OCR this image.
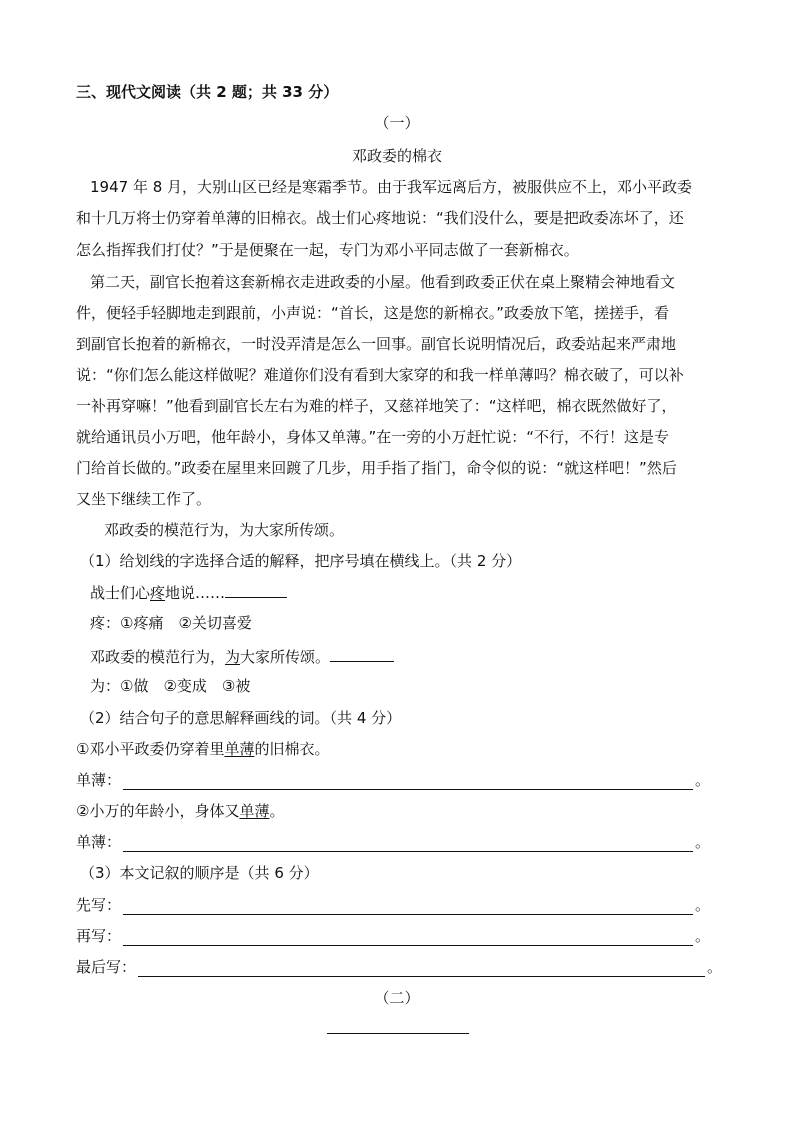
三、现代文阅读（共 2 题；共 33 分）
（一）
邓政委的棉衣
1947 年 8 月，大别山区已经是寒霜季节。由于我军远离后方，被服供应不上，邓小平政委
和十几万将士仍穿着单薄的旧棉衣。战士们心疼地说：“我们没什么，要是把政委冻坏了，还
怎么指挥我们打仗？”于是便聚在一起，专门为邓小平同志做了一套新棉衣。
第二天，副官长抱着这套新棉衣走进政委的小屋。他看到政委正伏在桌上聚精会神地看文
件，便轻手轻脚地走到跟前，小声说：“首长，这是您的新棉衣。”政委放下笔，搓搓手，看
到副官长抱着的新棉衣，一时没弄清是怎么一回事。副官长说明情况后，政委站起来严肃地
说：“你们怎么能这样做呢？难道你们没有看到大家穿的和我一样单薄吗？棉衣破了，可以补
一补再穿嘛！”他看到副官长左右为难的样子，又慈祥地笑了：“这样吧，棉衣既然做好了，
就给通讯员小万吧，他年龄小，身体又单薄。”在一旁的小万赶忙说：“不行，不行！这是专
门给首长做的。”政委在屋里来回踱了几步，用手指了指门，命令似的说：“就这样吧！”然后
又坐下继续工作了。
邓政委的模范行为，为大家所传颂。
（1）给划线的字选择合适的解释，把序号填在横线上。（共 2 分）
战士们心疼地说……
疼：①疼痛　②关切喜爱
邓政委的模范行为，为大家所传颂。
为：①做　②变成　③被
（2）结合句子的意思解释画线的词。（共 4 分）
①邓小平政委仍穿着里单薄的旧棉衣。
单薄：	。
②小万的年龄小，身体又单薄。
单薄：	。
（3）本文记叙的顺序是（共 6 分）
先写：	。
再写：	。
最后写：	。
（二）
